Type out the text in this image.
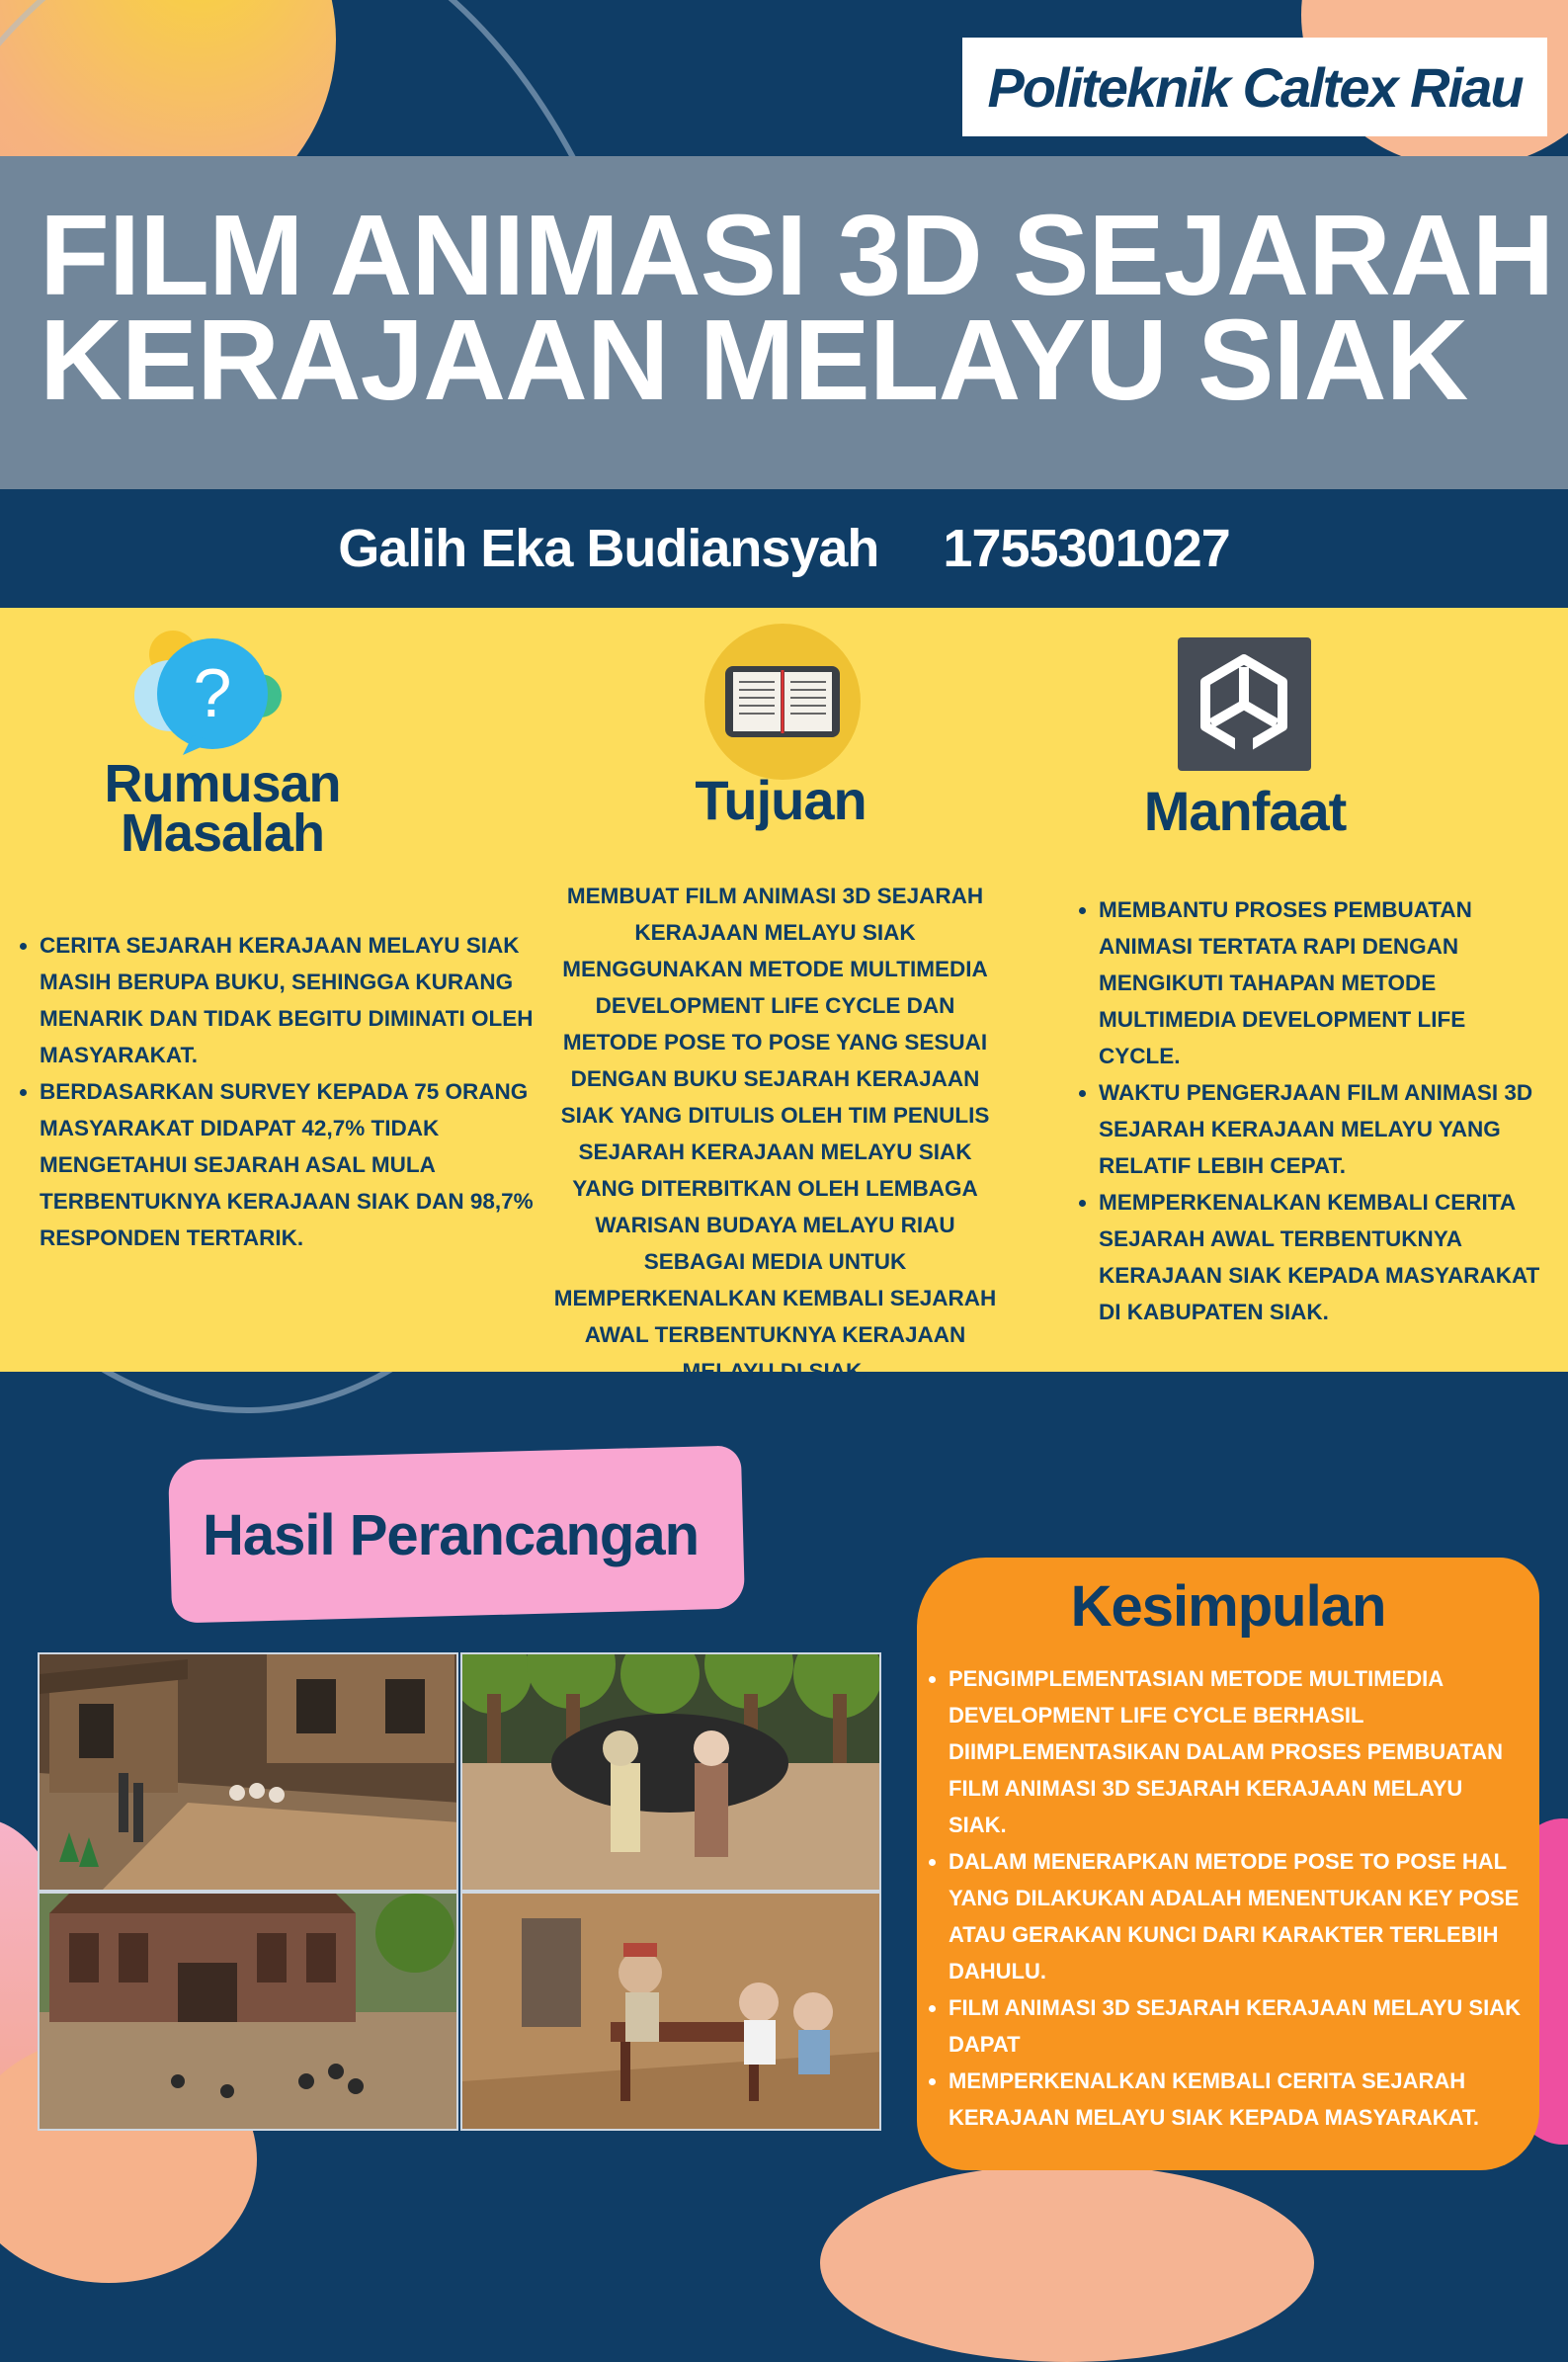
Politeknik Caltex Riau
FILM ANIMASI 3D SEJARAH
KERAJAAN MELAYU SIAK
Galih Eka Budiansyah 1755301027
?

Rumusan
Masalah

• CERITA SEJARAH KERAJAAN MELAYU SIAK MASIH BERUPA BUKU, SEHINGGA KURANG MENARIK DAN TIDAK BEGITU DIMINATI OLEH MASYARAKAT.
• BERDASARKAN SURVEY KEPADA 75 ORANG MASYARAKAT DIDAPAT 42,7% TIDAK MENGETAHUI SEJARAH ASAL MULA TERBENTUKNYA KERAJAAN SIAK DAN 98,7% RESPONDEN TERTARIK.

Tujuan

MEMBUAT FILM ANIMASI 3D SEJARAH KERAJAAN MELAYU SIAK MENGGUNAKAN METODE MULTIMEDIA DEVELOPMENT LIFE CYCLE DAN METODE POSE TO POSE YANG SESUAI DENGAN BUKU SEJARAH KERAJAAN SIAK YANG DITULIS OLEH TIM PENULIS SEJARAH KERAJAAN MELAYU SIAK YANG DITERBITKAN OLEH LEMBAGA WARISAN BUDAYA MELAYU RIAU SEBAGAI MEDIA UNTUK MEMPERKENALKAN KEMBALI SEJARAH AWAL TERBENTUKNYA KERAJAAN MELAYU DI SIAK.

Manfaat

• MEMBANTU PROSES PEMBUATAN ANIMASI TERTATA RAPI DENGAN MENGIKUTI TAHAPAN METODE MULTIMEDIA DEVELOPMENT LIFE CYCLE.
• WAKTU PENGERJAAN FILM ANIMASI 3D SEJARAH KERAJAAN MELAYU YANG RELATIF LEBIH CEPAT.
• MEMPERKENALKAN KEMBALI CERITA SEJARAH AWAL TERBENTUKNYA KERAJAAN SIAK KEPADA MASYARAKAT DI KABUPATEN SIAK.

Hasil Perancangan

Kesimpulan

• PENGIMPLEMENTASIAN METODE MULTIMEDIA DEVELOPMENT LIFE CYCLE BERHASIL DIIMPLEMENTASIKAN DALAM PROSES PEMBUATAN FILM ANIMASI 3D SEJARAH KERAJAAN MELAYU SIAK.
• DALAM MENERAPKAN METODE POSE TO POSE HAL YANG DILAKUKAN ADALAH MENENTUKAN KEY POSE ATAU GERAKAN KUNCI DARI KARAKTER TERLEBIH DAHULU.
• FILM ANIMASI 3D SEJARAH KERAJAAN MELAYU SIAK DAPAT
• MEMPERKENALKAN KEMBALI CERITA SEJARAH KERAJAAN MELAYU SIAK KEPADA MASYARAKAT.
